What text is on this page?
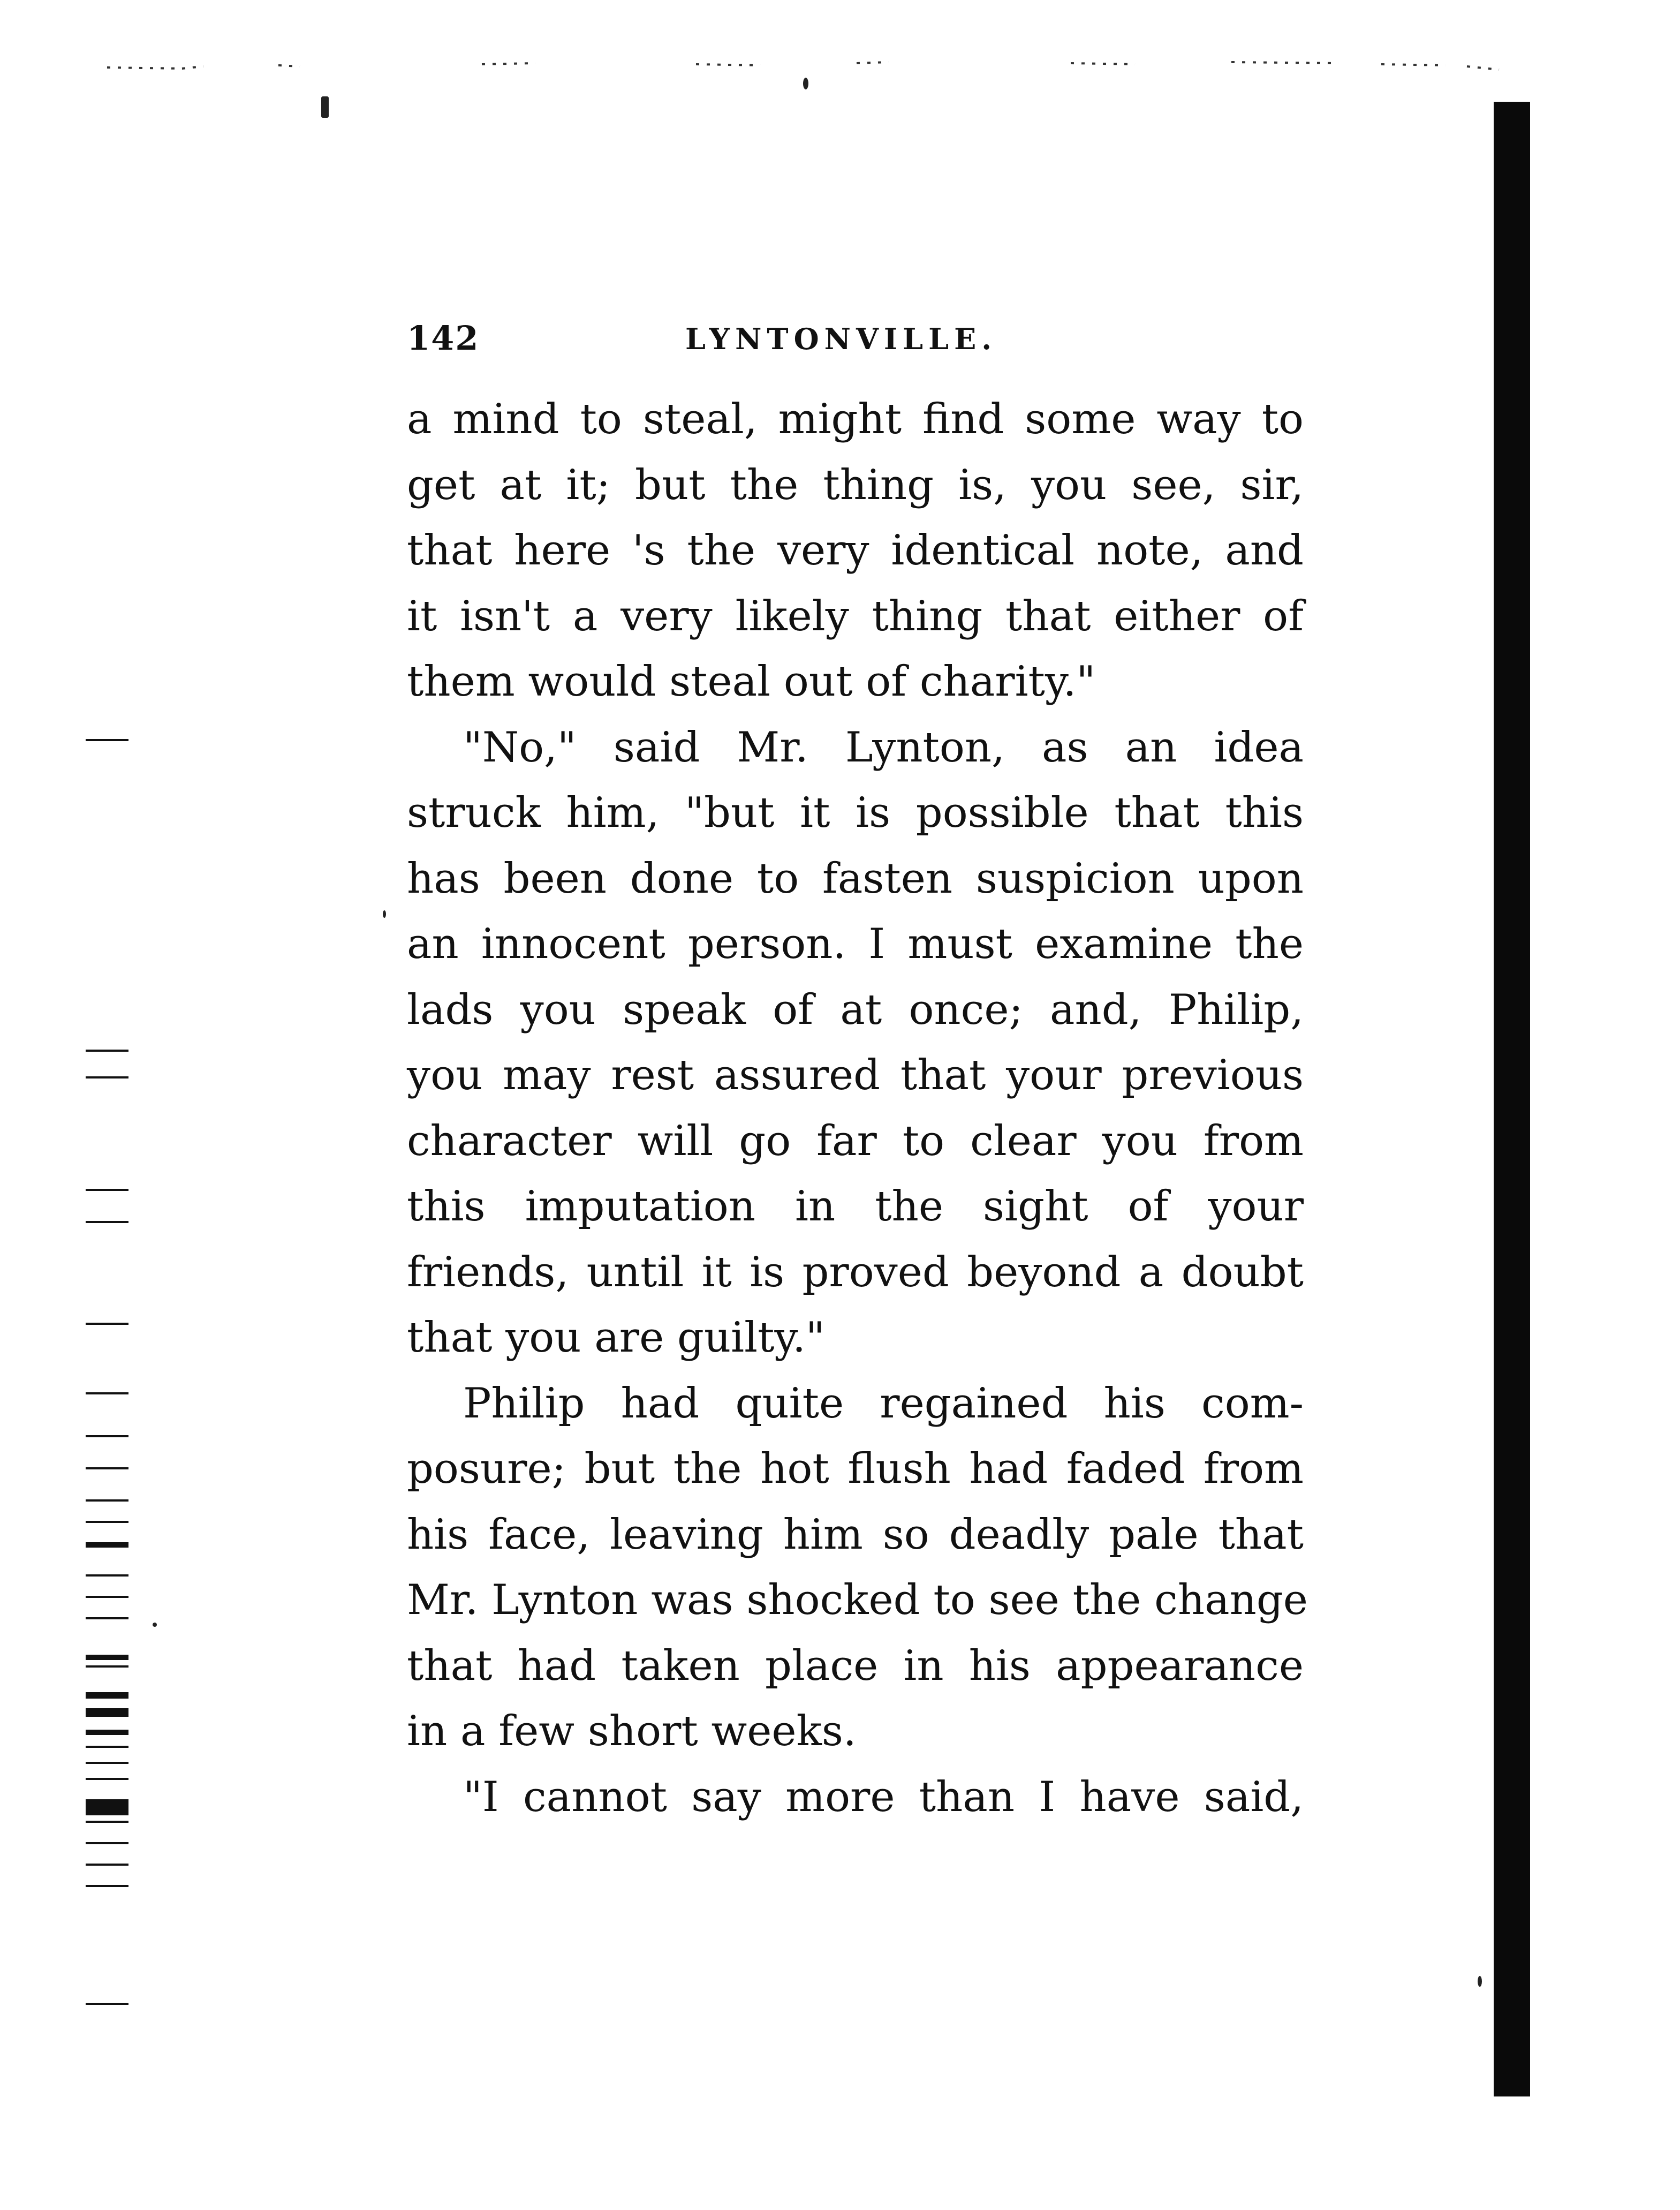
142	LYNTONVILLE.
a mind to steal, might find some way to
get at it; but the thing is, you see, sir,
that here 's the very identical note, and
it isn't a very likely thing that either of
them would steal out of charity."
"No," said Mr. Lynton, as an idea
struck him, "but it is possible that this
has been done to fasten suspicion upon
an innocent person. I must examine the
lads you speak of at once; and, Philip,
you may rest assured that your previous
character will go far to clear you from
this imputation in the sight of your
friends, until it is proved beyond a doubt
that you are guilty."
Philip had quite regained his com-
posure; but the hot flush had faded from
his face, leaving him so deadly pale that
Mr. Lynton was shocked to see the change
that had taken place in his appearance
in a few short weeks.
"I cannot say more than I have said,
